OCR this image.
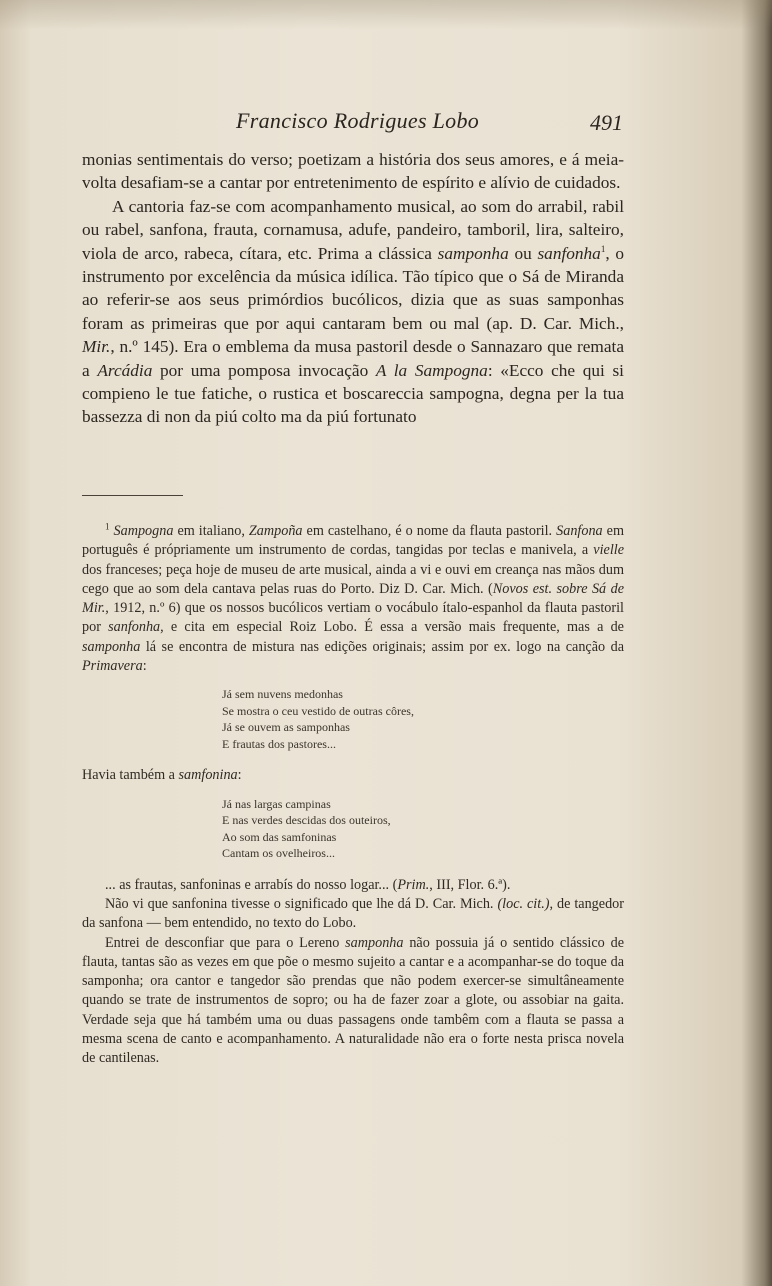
Francisco Rodrigues Lobo	491

monias sentimentais do verso; poetizam a história dos seus amores, e á meia-volta desafiam-se a cantar por entretenimento de espírito e alívio de cuidados.

A cantoria faz-se com acompanhamento musical, ao som do arrabil, rabil ou rabel, sanfona, frauta, cornamusa, adufe, pandeiro, tamboril, lira, salteiro, viola de arco, rabeca, cítara, etc. Prima a clássica samponha ou sanfonha$^1$, o instrumento por excelência da música idílica. Tão típico que o Sá de Miranda ao referir-se aos seus primórdios bucólicos, dizia que as suas samponhas foram as primeiras que por aqui cantaram bem ou mal (ap. D. Car. Mich., Mir., n.º 145). Era o emblema da musa pastoril desde o Sannazaro que remata a Arcádia por uma pomposa invocação A la Sampogna: «Ecco che qui si compieno le tue fatiche, o rustica et boscareccia sampogna, degna per la tua bassezza di non da piú colto ma da piú fortunato

$^1$ Sampogna em italiano, Zampoña em castelhano, é o nome da flauta pastoril. Sanfona em português é própriamente um instrumento de cordas, tangidas por teclas e manivela, a vielle dos franceses; peça hoje de museu de arte musical, ainda a vi e ouvi em creança nas mãos dum cego que ao som dela cantava pelas ruas do Porto. Diz D. Car. Mich. (Novos est. sobre Sá de Mir., 1912, n.º 6) que os nossos bucólicos vertiam o vocábulo ítalo-espanhol da flauta pastoril por sanfonha, e cita em especial Roiz Lobo. É essa a versão mais frequente, mas a de samponha lá se encontra de mistura nas edições originais; assim por ex. logo na canção da Primavera:

Já sem nuvens medonhas
Se mostra o ceu vestido de outras côres,
Já se ouvem as samponhas
E frautas dos pastores...

Havia também a samfonina:

Já nas largas campinas
E nas verdes descidas dos outeiros,
Ao som das samfoninas
Cantam os ovelheiros...

... as frautas, sanfoninas e arrabís do nosso logar... (Prim., III, Flor. 6.ª).

Não vi que sanfonina tivesse o significado que lhe dá D. Car. Mich. (loc. cit.), de tangedor da sanfona — bem entendido, no texto do Lobo.

Entrei de desconfiar que para o Lereno samponha não possuia já o sentido clássico de flauta, tantas são as vezes em que põe o mesmo sujeito a cantar e a acompanhar-se do toque da samponha; ora cantor e tangedor são prendas que não podem exercer-se simultâneamente quando se trate de instrumentos de sopro; ou ha de fazer zoar a glote, ou assobiar na gaita. Verdade seja que há também uma ou duas passagens onde tambêm com a flauta se passa a mesma scena de canto e acompanhamento. A naturalidade não era o forte nesta prisca novela de cantilenas.
